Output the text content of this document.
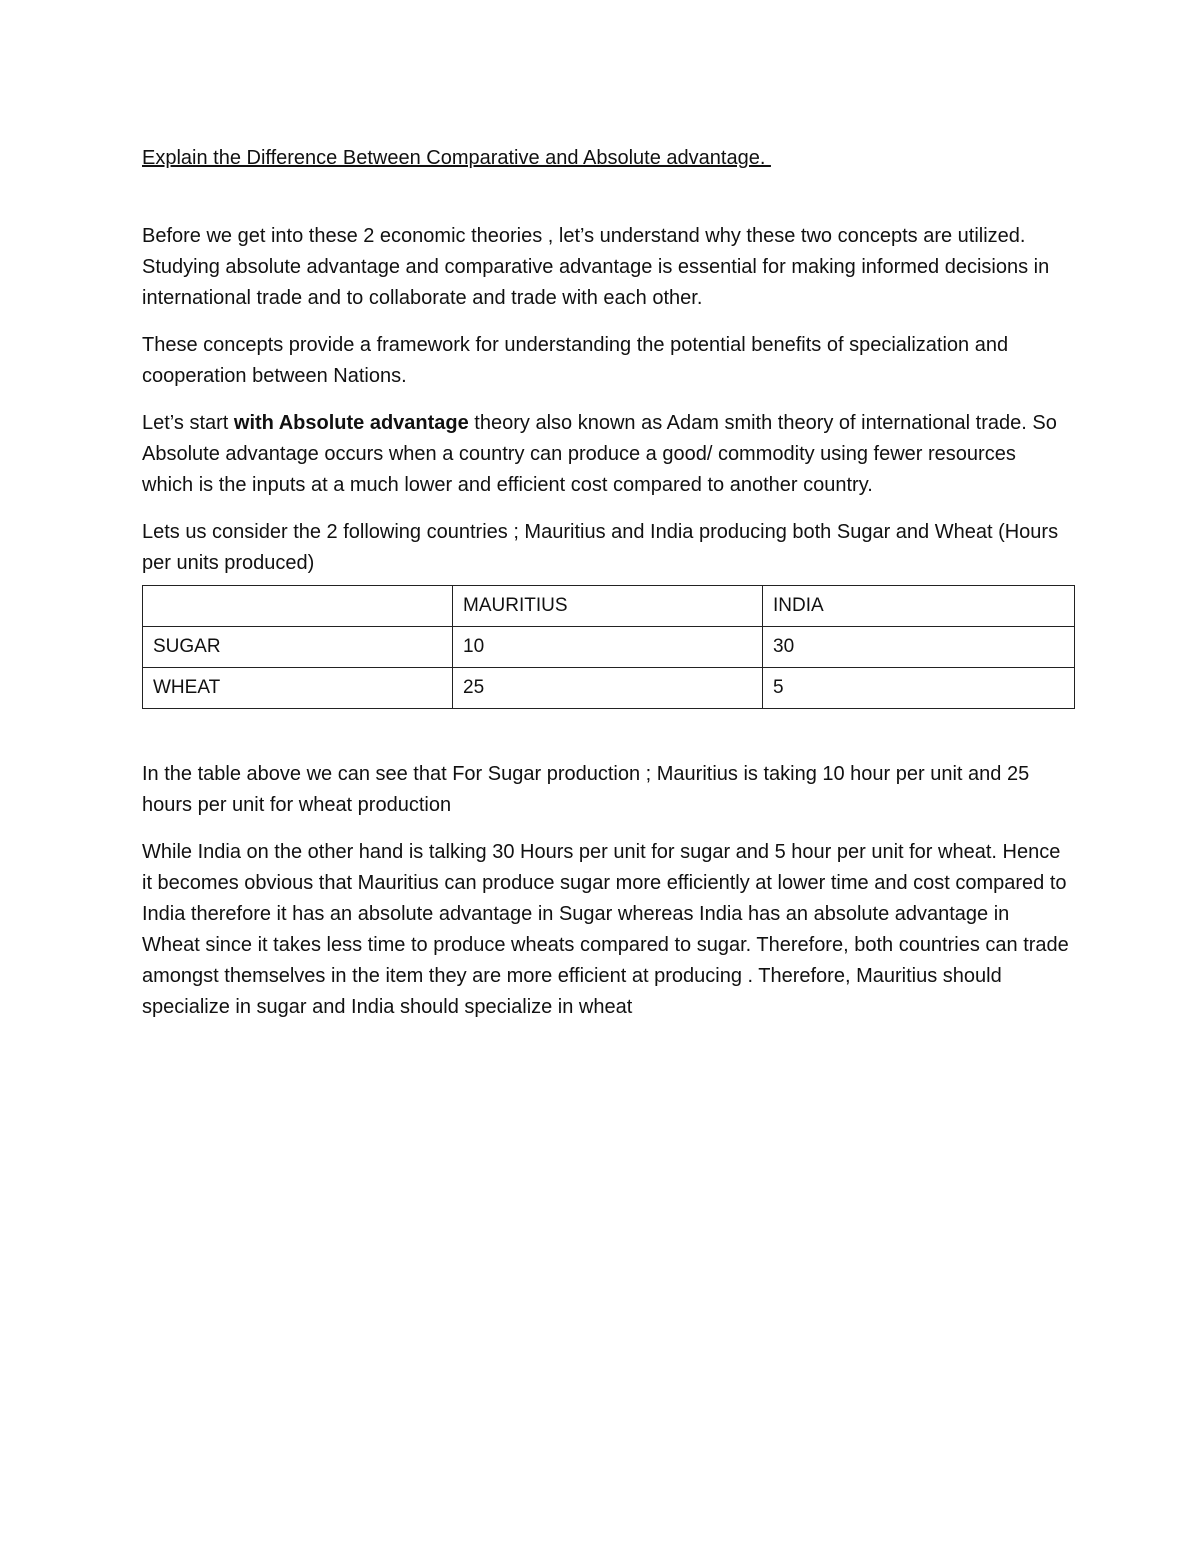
Explain the Difference Between Comparative and Absolute advantage.

Before we get into these 2 economic theories , let’s understand why these two concepts are utilized. Studying absolute advantage and comparative advantage is essential for making informed decisions in international trade and to collaborate and trade with each other.

These concepts provide a framework for understanding the potential benefits of specialization and cooperation between Nations.

Let’s start with Absolute advantage theory also known as Adam smith theory of international trade. So Absolute advantage occurs when a country can produce a good/ commodity using fewer resources which is the inputs at a much lower and efficient cost compared to another country.

Lets us consider the 2 following countries ; Mauritius and India producing both Sugar and Wheat (Hours per units produced)

	MAURITIUS	INDIA
SUGAR	10	30
WHEAT	25	5

In the table above we can see that For Sugar production ; Mauritius is taking 10 hour per unit and 25 hours per unit for wheat production

While India on the other hand is talking 30 Hours per unit for sugar and 5 hour per unit for wheat. Hence it becomes obvious that Mauritius can produce sugar more efficiently at lower time and cost compared to India therefore it has an absolute advantage in Sugar whereas India has an absolute advantage in Wheat since it takes less time to produce wheats compared to sugar. Therefore, both countries can trade amongst themselves in the item they are more efficient at producing . Therefore, Mauritius should specialize in sugar and India should specialize in wheat
